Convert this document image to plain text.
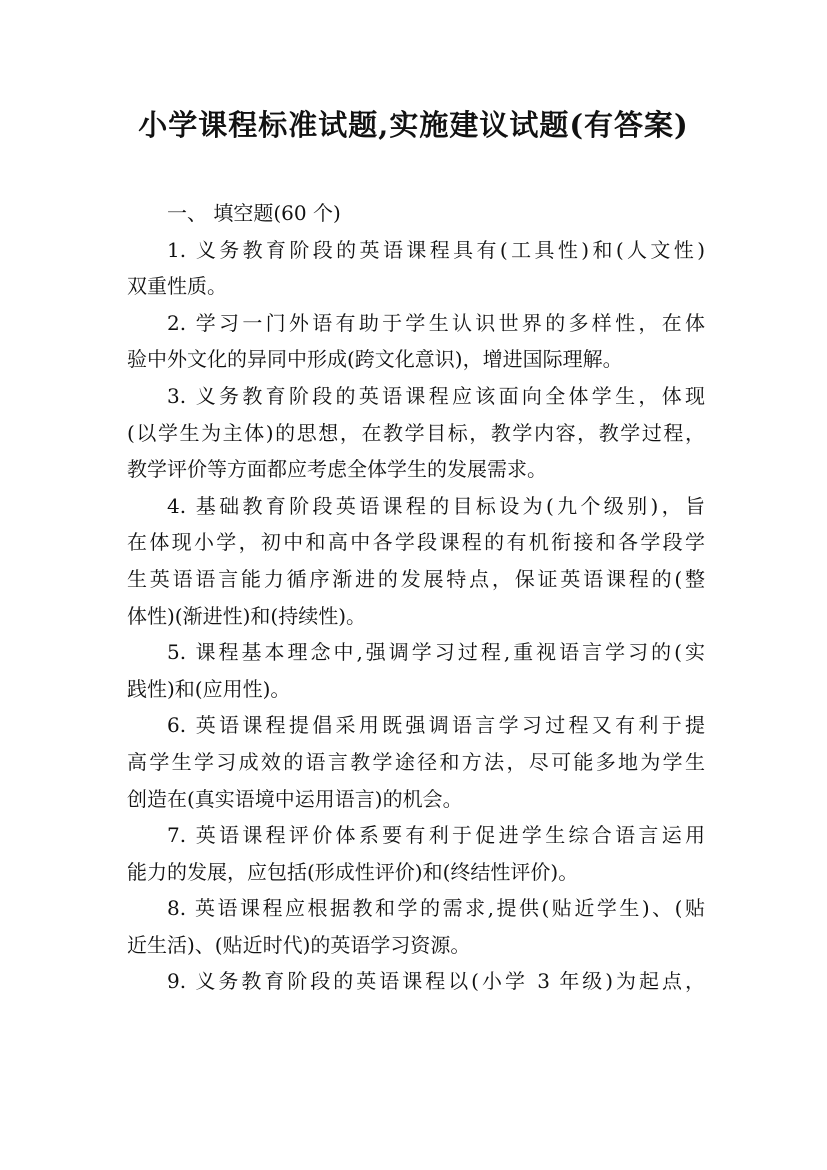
小学课程标准试题,实施建议试题(有答案)
一、 填空题(60 个)
1. 义务教育阶段的英语课程具有(工具性)和(人文性)
双重性质。
2. 学习一门外语有助于学生认识世界的多样性，在体
验中外文化的异同中形成(跨文化意识)，增进国际理解。
3. 义务教育阶段的英语课程应该面向全体学生，体现
(以学生为主体)的思想，在教学目标，教学内容，教学过程，
教学评价等方面都应考虑全体学生的发展需求。
4. 基础教育阶段英语课程的目标设为(九个级别)，旨
在体现小学，初中和高中各学段课程的有机衔接和各学段学
生英语语言能力循序渐进的发展特点，保证英语课程的(整
体性)(渐进性)和(持续性)。
5. 课程基本理念中,强调学习过程,重视语言学习的(实
践性)和(应用性)。
6. 英语课程提倡采用既强调语言学习过程又有利于提
高学生学习成效的语言教学途径和方法，尽可能多地为学生
创造在(真实语境中运用语言)的机会。
7. 英语课程评价体系要有利于促进学生综合语言运用
能力的发展，应包括(形成性评价)和(终结性评价)。
8. 英语课程应根据教和学的需求,提供(贴近学生)、(贴
近生活)、(贴近时代)的英语学习资源。
9. 义务教育阶段的英语课程以(小学 3 年级)为起点，
